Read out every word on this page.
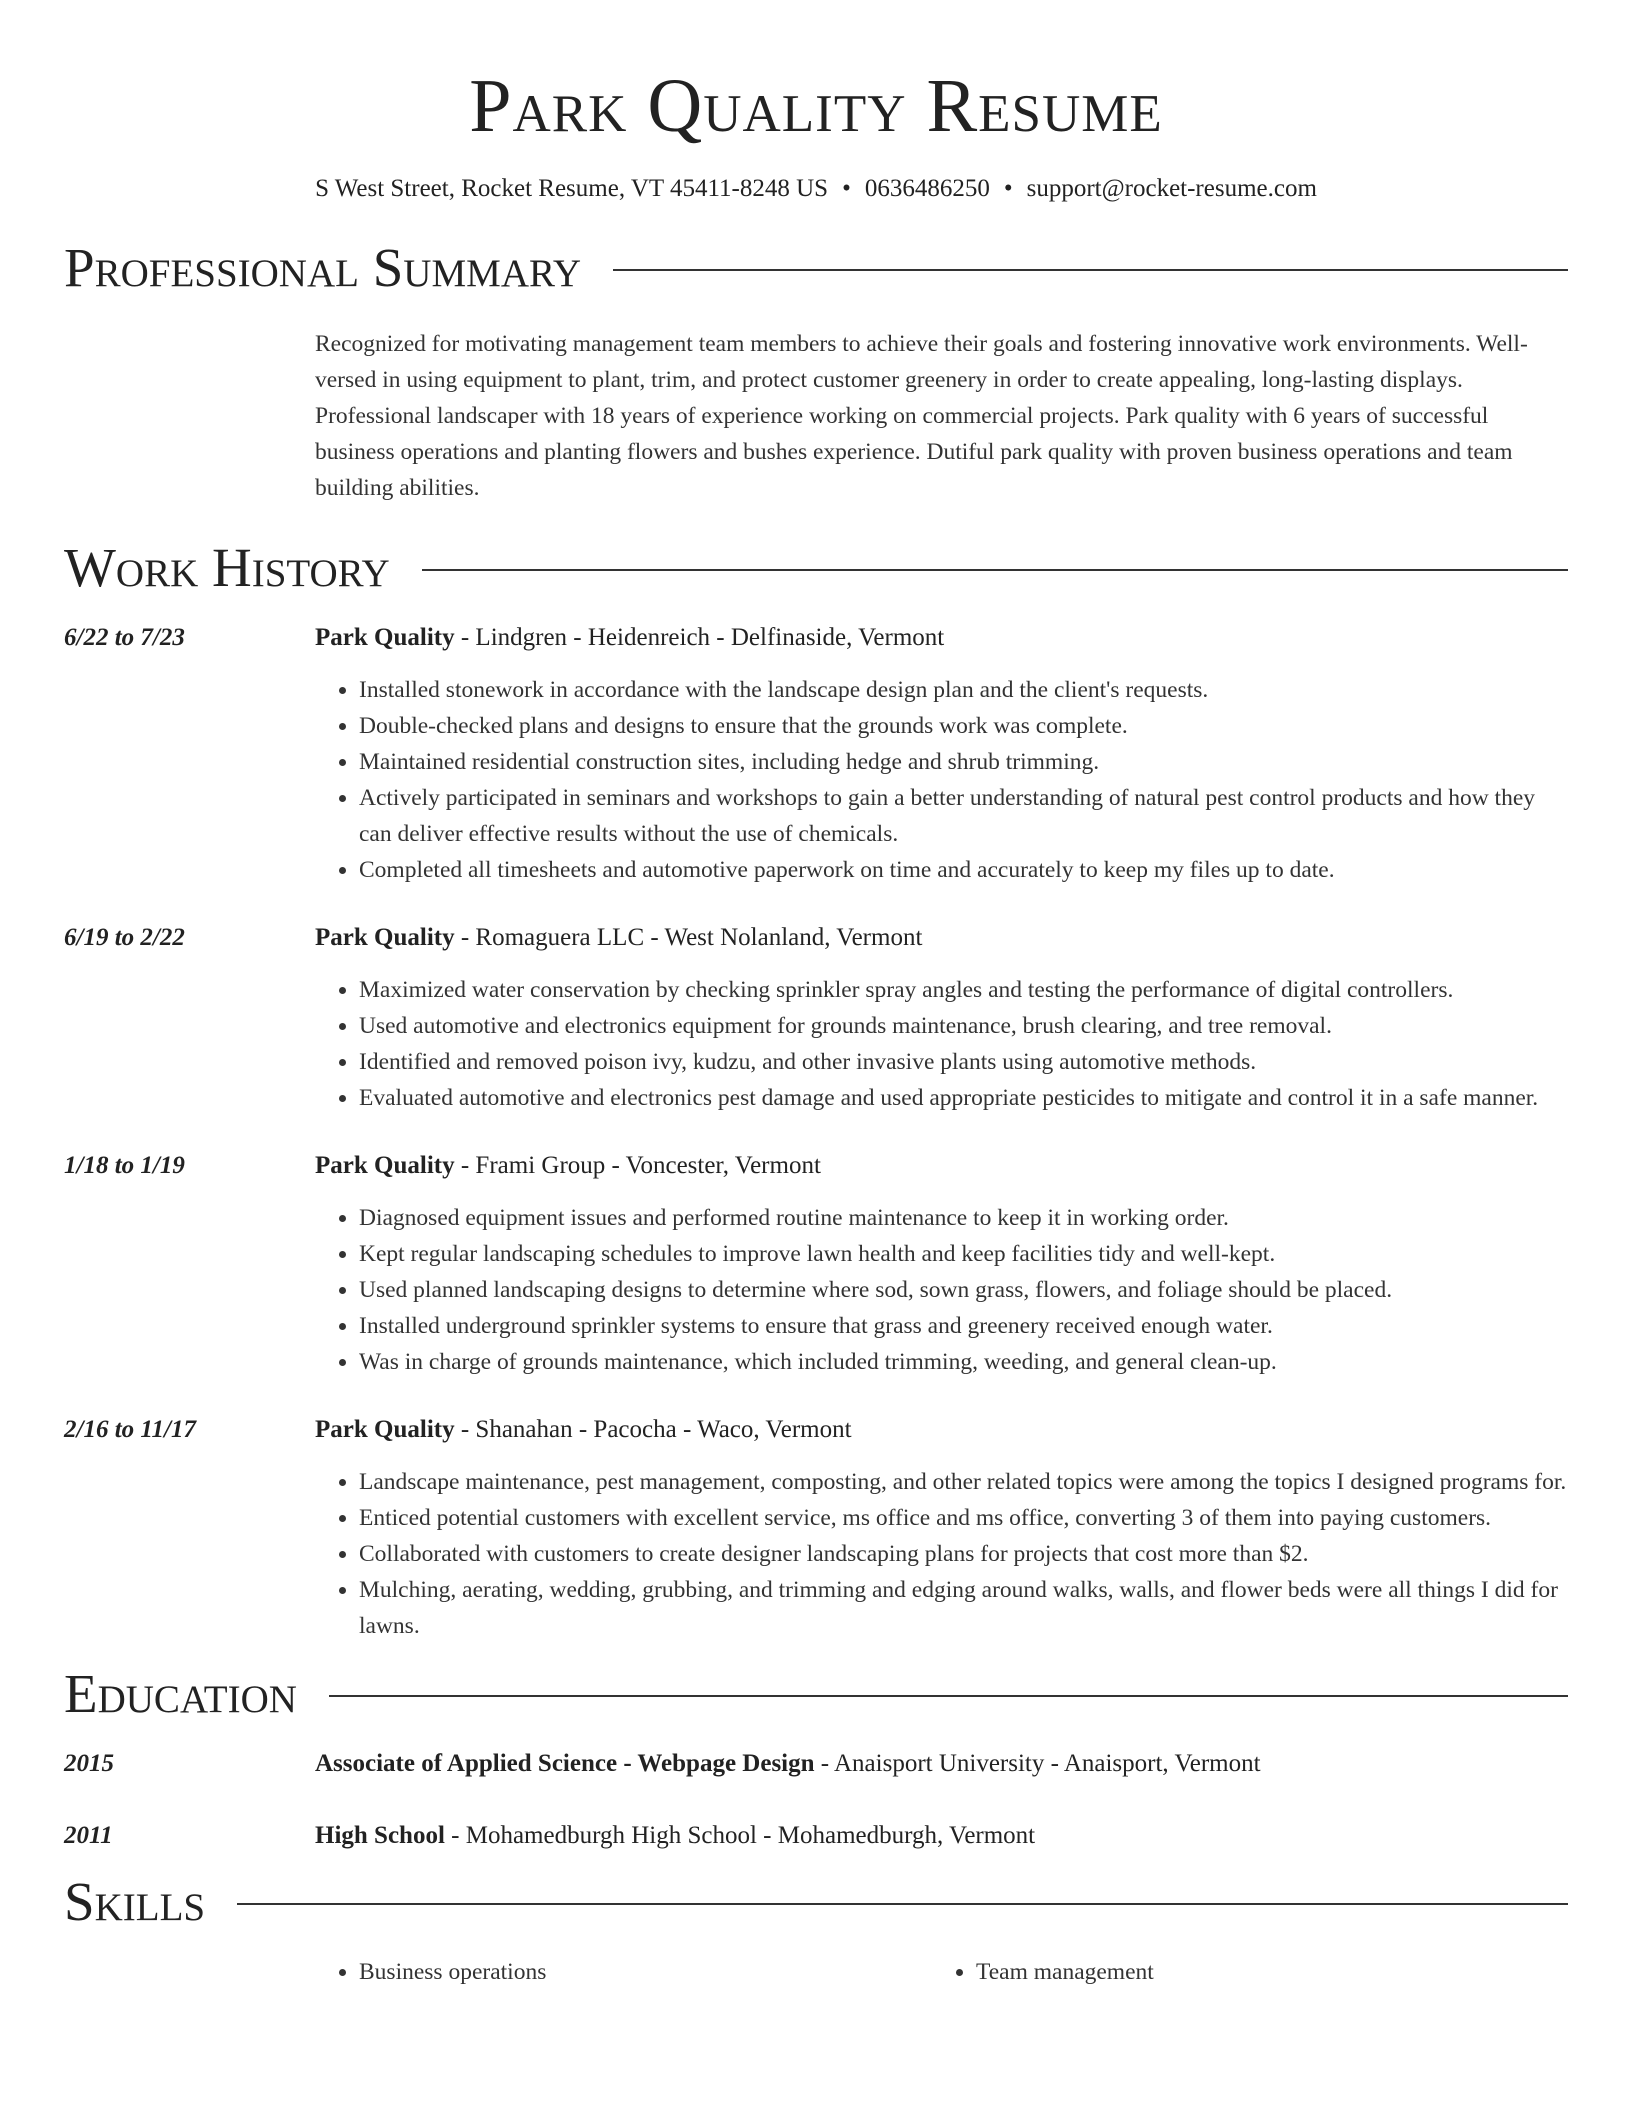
Park Quality Resume
S West Street, Rocket Resume, VT 45411-8248 US • 0636486250 • support@rocket-resume.com
Professional Summary
Recognized for motivating management team members to achieve their goals and fostering innovative work environments. Well-versed in using equipment to plant, trim, and protect customer greenery in order to create appealing, long-lasting displays. Professional landscaper with 18 years of experience working on commercial projects. Park quality with 6 years of successful business operations and planting flowers and bushes experience. Dutiful park quality with proven business operations and team building abilities.
Work History
6/22 to 7/23	Park Quality - Lindgren - Heidenreich - Delfinaside, Vermont
• Installed stonework in accordance with the landscape design plan and the client's requests.
• Double-checked plans and designs to ensure that the grounds work was complete.
• Maintained residential construction sites, including hedge and shrub trimming.
• Actively participated in seminars and workshops to gain a better understanding of natural pest control products and how they can deliver effective results without the use of chemicals.
• Completed all timesheets and automotive paperwork on time and accurately to keep my files up to date.
6/19 to 2/22	Park Quality - Romaguera LLC - West Nolanland, Vermont
• Maximized water conservation by checking sprinkler spray angles and testing the performance of digital controllers.
• Used automotive and electronics equipment for grounds maintenance, brush clearing, and tree removal.
• Identified and removed poison ivy, kudzu, and other invasive plants using automotive methods.
• Evaluated automotive and electronics pest damage and used appropriate pesticides to mitigate and control it in a safe manner.
1/18 to 1/19	Park Quality - Frami Group - Voncester, Vermont
• Diagnosed equipment issues and performed routine maintenance to keep it in working order.
• Kept regular landscaping schedules to improve lawn health and keep facilities tidy and well-kept.
• Used planned landscaping designs to determine where sod, sown grass, flowers, and foliage should be placed.
• Installed underground sprinkler systems to ensure that grass and greenery received enough water.
• Was in charge of grounds maintenance, which included trimming, weeding, and general clean-up.
2/16 to 11/17	Park Quality - Shanahan - Pacocha - Waco, Vermont
• Landscape maintenance, pest management, composting, and other related topics were among the topics I designed programs for.
• Enticed potential customers with excellent service, ms office and ms office, converting 3 of them into paying customers.
• Collaborated with customers to create designer landscaping plans for projects that cost more than $2.
• Mulching, aerating, wedding, grubbing, and trimming and edging around walks, walls, and flower beds were all things I did for lawns.
Education
2015	Associate of Applied Science - Webpage Design - Anaisport University - Anaisport, Vermont
2011	High School - Mohamedburgh High School - Mohamedburgh, Vermont
Skills
• Business operations
•	Team management
